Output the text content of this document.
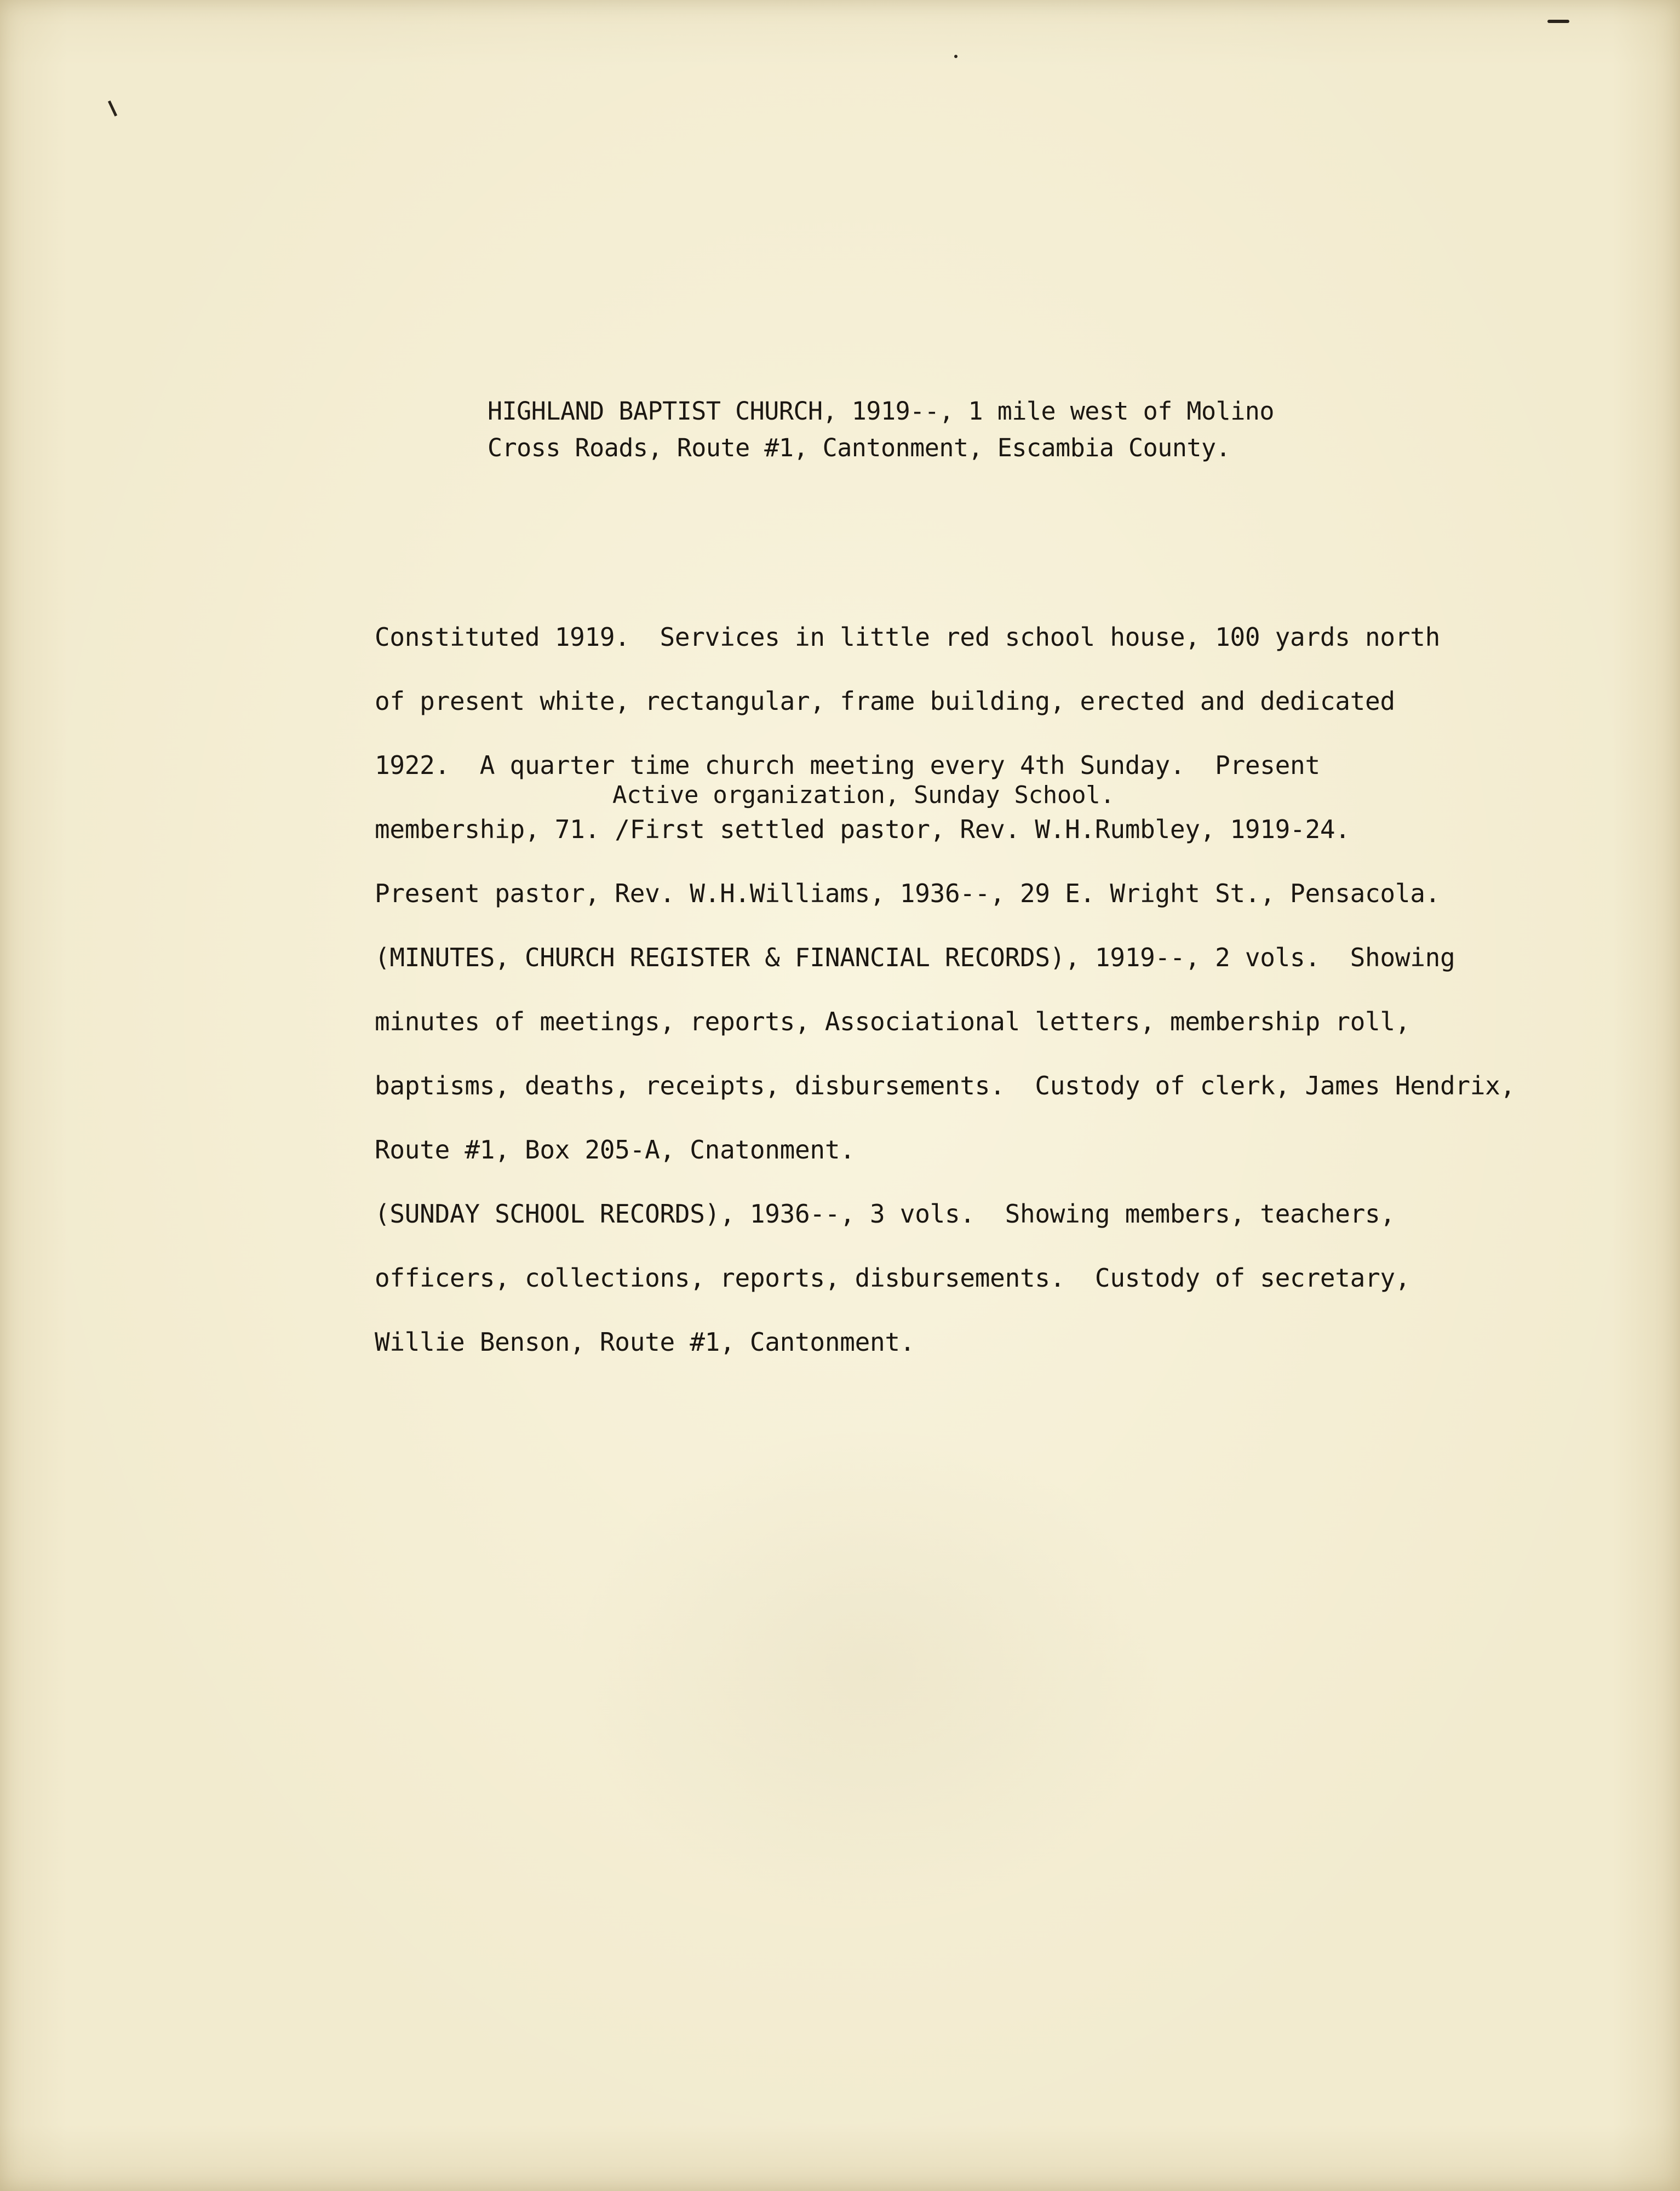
HIGHLAND BAPTIST CHURCH, 1919--, 1 mile west of Molino

Cross Roads, Route #1, Cantonment, Escambia County.

Constituted 1919.  Services in little red school house, 100 yards north

of present white, rectangular, frame building, erected and dedicated

1922.  A quarter time church meeting every 4th Sunday.  Present

Active organization, Sunday School.

membership, 71. /First settled pastor, Rev. W.H.Rumbley, 1919-24.

Present pastor, Rev. W.H.Williams, 1936--, 29 E. Wright St., Pensacola.

(MINUTES, CHURCH REGISTER & FINANCIAL RECORDS), 1919--, 2 vols.  Showing

minutes of meetings, reports, Associational letters, membership roll,

baptisms, deaths, receipts, disbursements.  Custody of clerk, James Hendrix,

Route #1, Box 205-A, Cnatonment.

(SUNDAY SCHOOL RECORDS), 1936--, 3 vols.  Showing members, teachers,

officers, collections, reports, disbursements.  Custody of secretary,

Willie Benson, Route #1, Cantonment.
